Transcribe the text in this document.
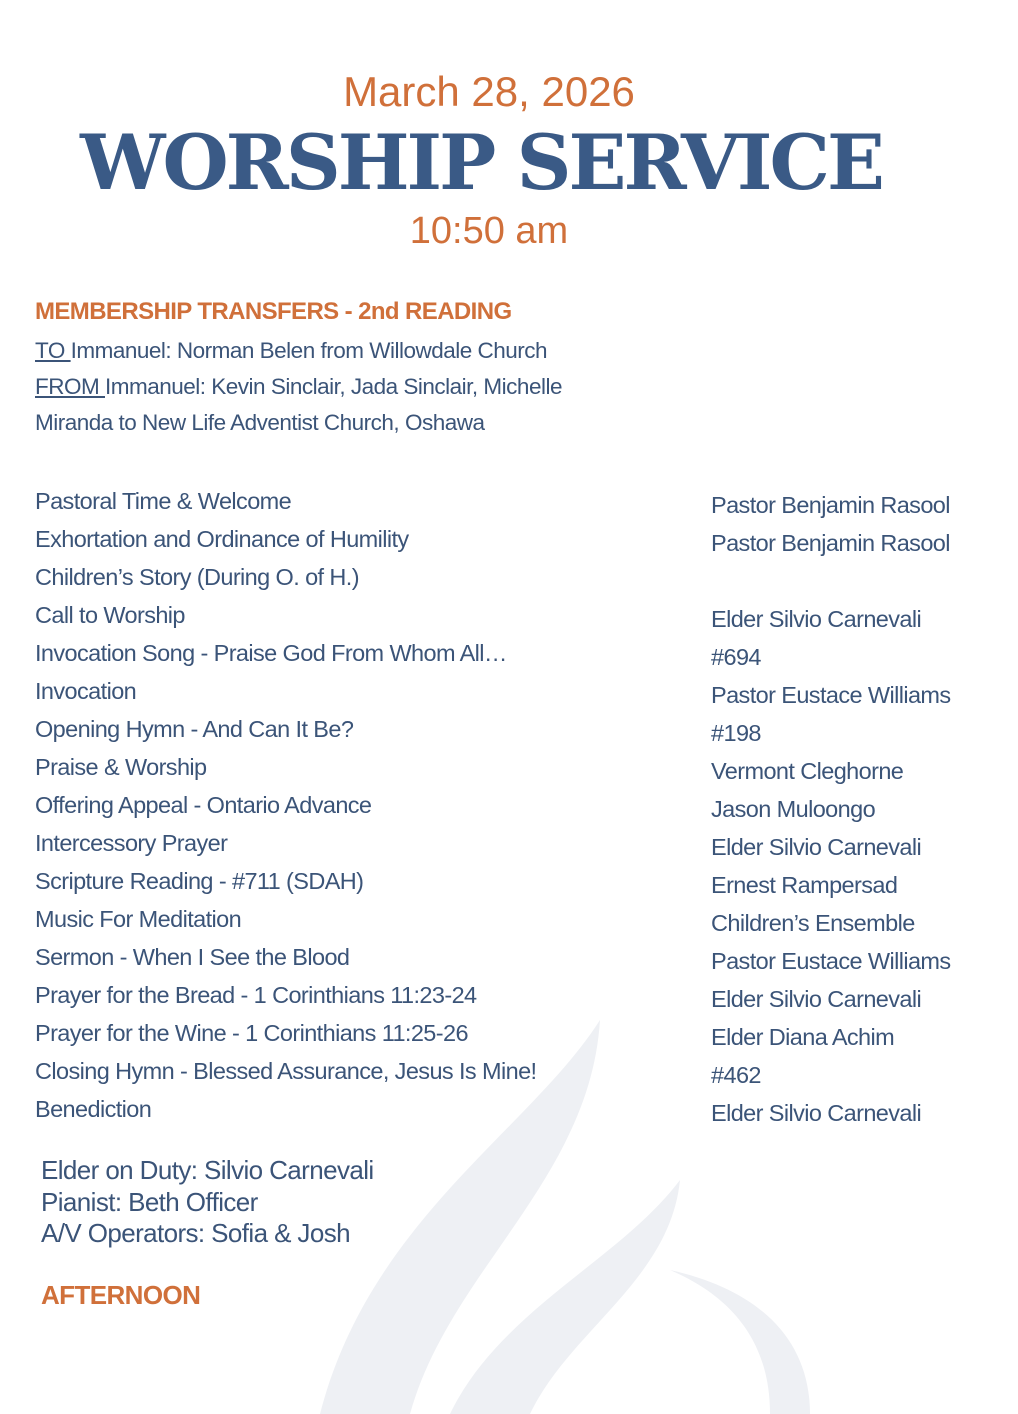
March 28, 2026
WORSHIP SERVICE
10:50 am
MEMBERSHIP TRANSFERS - 2nd READING
TO Immanuel: Norman Belen from Willowdale Church
FROM Immanuel: Kevin Sinclair, Jada Sinclair, Michelle
Miranda to New Life Adventist Church, Oshawa
Pastoral Time & Welcome
Exhortation and Ordinance of Humility
Children’s Story (During O. of H.)
Call to Worship
Invocation Song - Praise God From Whom All…
Invocation
Opening Hymn - And Can It Be?
Praise & Worship
Offering Appeal - Ontario Advance
Intercessory Prayer
Scripture Reading - #711 (SDAH)
Music For Meditation
Sermon - When I See the Blood
Prayer for the Bread - 1 Corinthians 11:23-24
Prayer for the Wine - 1 Corinthians 11:25-26
Closing Hymn - Blessed Assurance, Jesus Is Mine!
Benediction
Pastor Benjamin Rasool
Pastor Benjamin Rasool
Elder Silvio Carnevali
#694
Pastor Eustace Williams
#198
Vermont Cleghorne
Jason Muloongo
Elder Silvio Carnevali
Ernest Rampersad
Children’s Ensemble
Pastor Eustace Williams
Elder Silvio Carnevali
Elder Diana Achim
#462
Elder Silvio Carnevali
Elder on Duty: Silvio Carnevali
Pianist: Beth Officer
A/V Operators: Sofia & Josh
AFTERNOON
